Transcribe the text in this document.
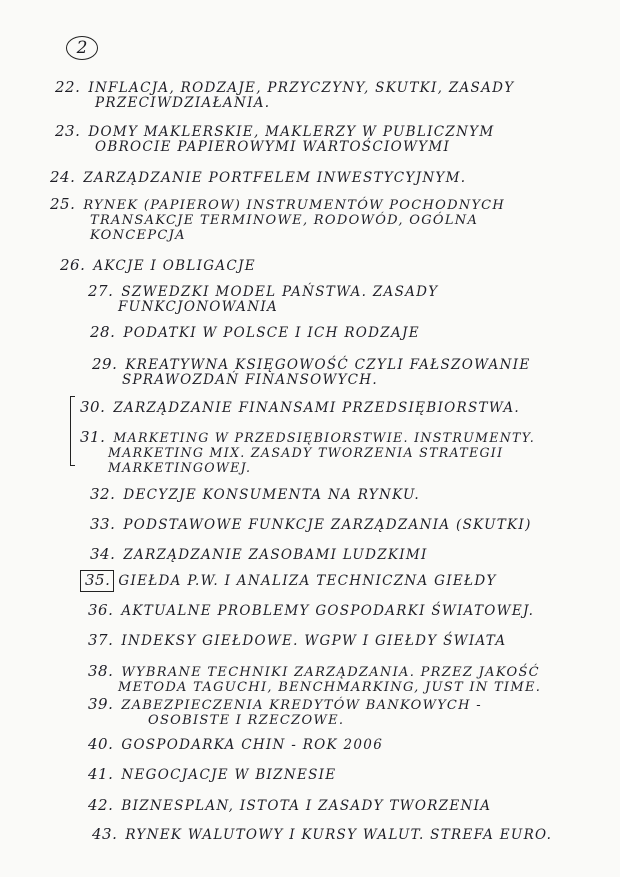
2
22. INFLACJA, RODZAJE, PRZYCZYNY, SKUTKI, ZASADY
PRZECIWDZIAŁANIA.
23. DOMY MAKLERSKIE, MAKLERZY W PUBLICZNYM
OBROCIE PAPIEROWYMI WARTOŚCIOWYMI
24. ZARZĄDZANIE PORTFELEM INWESTYCYJNYM.
25. RYNEK (PAPIEROW) INSTRUMENTÓW POCHODNYCH
TRANSAKCJE TERMINOWE, RODOWÓD, OGÓLNA
KONCEPCJA
26. AKCJE I OBLIGACJE
27. SZWEDZKI MODEL PAŃSTWA. ZASADY
FUNKCJONOWANIA
28. PODATKI W POLSCE I ICH RODZAJE
29. KREATYWNA KSIĘGOWOŚĆ CZYLI FAŁSZOWANIE
SPRAWOZDAŃ FINANSOWYCH.
30. ZARZĄDZANIE FINANSAMI PRZEDSIĘBIORSTWA.
31. MARKETING W PRZEDSIĘBIORSTWIE. INSTRUMENTY.
MARKETING MIX. ZASADY TWORZENIA STRATEGII
MARKETINGOWEJ.
32. DECYZJE KONSUMENTA NA RYNKU.
33. PODSTAWOWE FUNKCJE ZARZĄDZANIA (SKUTKI)
34. ZARZĄDZANIE ZASOBAMI LUDZKIMI
35. GIEŁDA P.W. I ANALIZA TECHNICZNA GIEŁDY
36. AKTUALNE PROBLEMY GOSPODARKI ŚWIATOWEJ.
37. INDEKSY GIEŁDOWE. WGPW I GIEŁDY ŚWIATA
38. WYBRANE TECHNIKI ZARZĄDZANIA. PRZEZ JAKOŚĆ
METODA TAGUCHI, BENCHMARKING, JUST IN TIME.
39. ZABEZPIECZENIA KREDYTÓW BANKOWYCH -
OSOBISTE I RZECZOWE.
40. GOSPODARKA CHIN - ROK 2006
41. NEGOCJACJE W BIZNESIE
42. BIZNESPLAN, ISTOTA I ZASADY TWORZENIA
43. RYNEK WALUTOWY I KURSY WALUT. STREFA EURO.
